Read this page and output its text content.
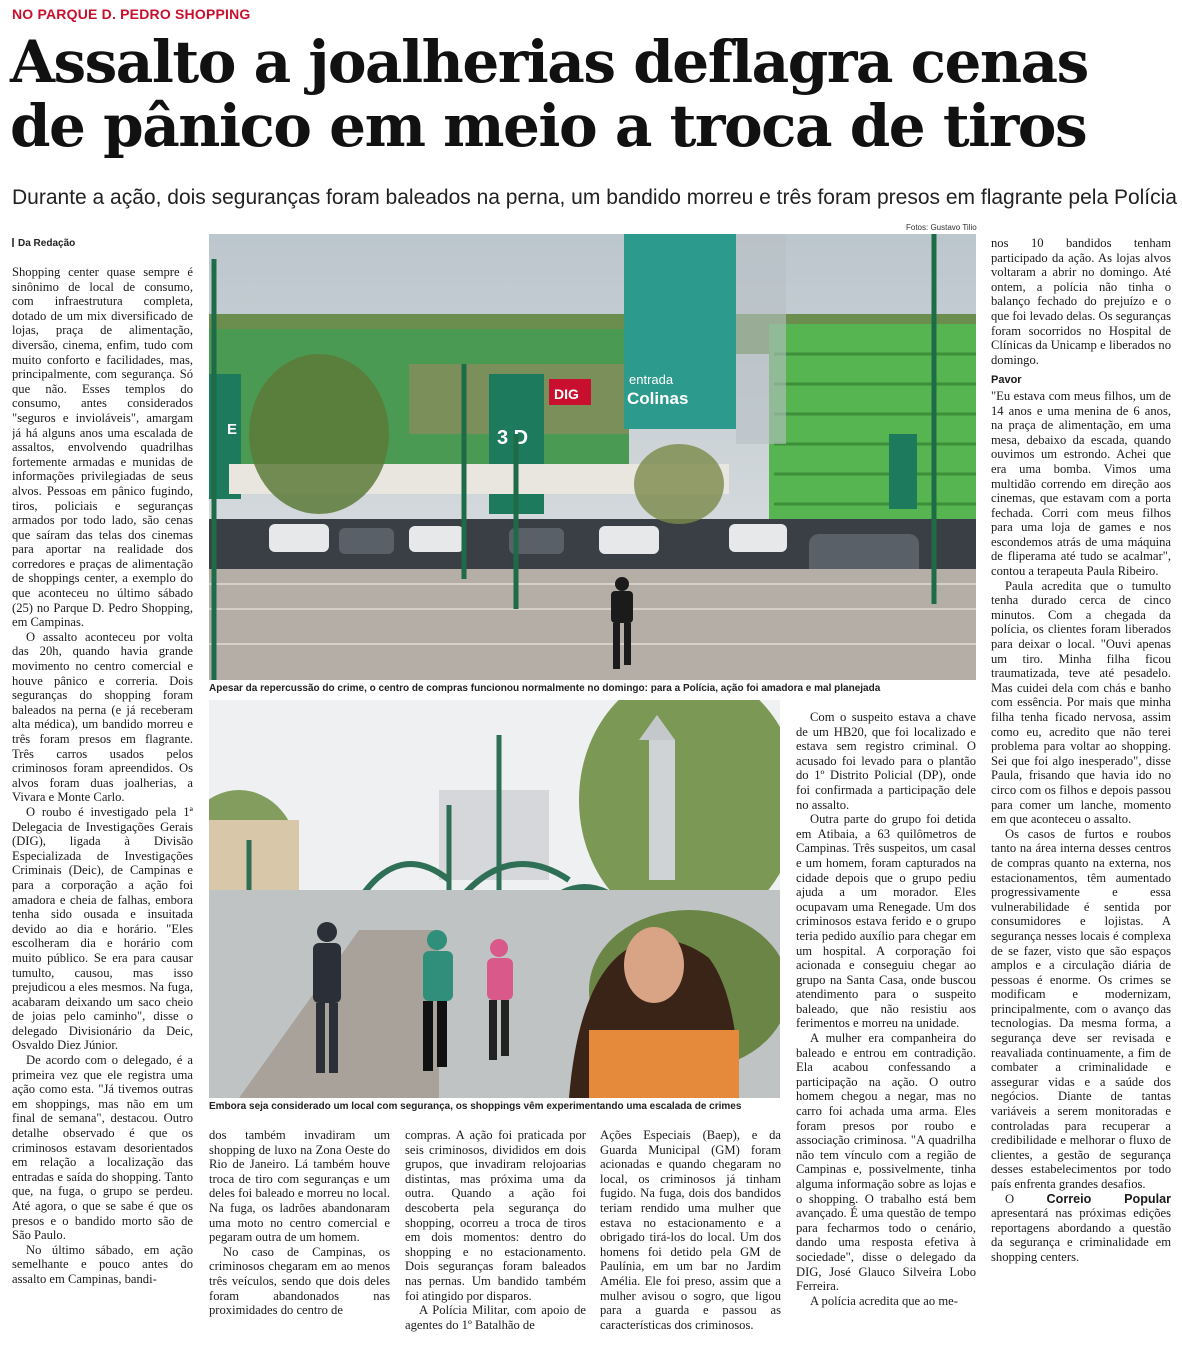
NO PARQUE D. PEDRO SHOPPING
Assalto a joalherias deflagra cenas de pânico em meio a troca de tiros
Durante a ação, dois seguranças foram baleados na perna, um bandido morreu e três foram presos em flagrante pela Polícia
Fotos: Gustavo Tilio
Da Redação

Shopping center quase sempre é sinônimo de local de consumo, com infraestrutura completa, dotado de um mix diversificado de lojas, praça de alimentação, diversão, cinema, enfim, tudo com muito conforto e facilidades, mas, principalmente, com segurança. Só que não. Esses templos do consumo, antes considerados "seguros e invioláveis", amargam já há alguns anos uma escalada de assaltos, envolvendo quadrilhas fortemente armadas e munidas de informações privilegiadas de seus alvos. Pessoas em pânico fugindo, tiros, policiais e seguranças armados por todo lado, são cenas que saíram das telas dos cinemas para aportar na realidade dos corredores e praças de alimentação de shoppings center, a exemplo do que aconteceu no último sábado (25) no Parque D. Pedro Shopping, em Campinas.

O assalto aconteceu por volta das 20h, quando havia grande movimento no centro comercial e houve pânico e correria. Dois seguranças do shopping foram baleados na perna (e já receberam alta médica), um bandido morreu e três foram presos em flagrante. Três carros usados pelos criminosos foram apreendidos. Os alvos foram duas joalherias, a Vivara e Monte Carlo.

O roubo é investigado pela 1ª Delegacia de Investigações Gerais (DIG), ligada à Divisão Especializada de Investigações Criminais (Deic), de Campinas e para a corporação a ação foi amadora e cheia de falhas, embora tenha sido ousada e insuitada devido ao dia e horário. "Eles escolheram dia e horário com muito público. Se era para causar tumulto, causou, mas isso prejudicou a eles mesmos. Na fuga, acabaram deixando um saco cheio de joias pelo caminho", disse o delegado Divisionário da Deic, Osvaldo Diez Júnior.

De acordo com o delegado, é a primeira vez que ele registra uma ação como esta. "Já tivemos outras em shoppings, mas não em um final de semana", destacou. Outro detalhe observado é que os criminosos estavam desorientados em relação a localização das entradas e saída do shopping. Tanto que, na fuga, o grupo se perdeu. Até agora, o que se sabe é que os presos e o bandido morto são de São Paulo.

No último sábado, em ação semelhante e pouco antes do assalto em Campinas, bandi-

entrada
Colinas
DIG
3 D
E
Apesar da repercussão do crime, o centro de compras funcionou normalmente no domingo: para a Polícia, ação foi amadora e mal planejada
Embora seja considerado um local com segurança, os shoppings vêm experimentando uma escalada de crimes

dos também invadiram um shopping de luxo na Zona Oeste do Rio de Janeiro. Lá também houve troca de tiro com seguranças e um deles foi baleado e morreu no local. Na fuga, os ladrões abandonaram uma moto no centro comercial e pegaram outra de um homem.

No caso de Campinas, os criminosos chegaram em ao menos três veículos, sendo que dois deles foram abandonados nas proximidades do centro de

compras. A ação foi praticada por seis criminosos, divididos em dois grupos, que invadiram relojoarias distintas, mas próxima uma da outra. Quando a ação foi descoberta pela segurança do shopping, ocorreu a troca de tiros em dois momentos: dentro do shopping e no estacionamento. Dois seguranças foram baleados nas pernas. Um bandido também foi atingido por disparos.

A Polícia Militar, com apoio de agentes do 1º Batalhão de

Ações Especiais (Baep), e da Guarda Municipal (GM) foram acionadas e quando chegaram no local, os criminosos já tinham fugido. Na fuga, dois dos bandidos teriam rendido uma mulher que estava no estacionamento e a obrigado tirá-los do local. Um dos homens foi detido pela GM de Paulínia, em um bar no Jardim Amélia. Ele foi preso, assim que a mulher avisou o sogro, que ligou para a guarda e passou as características dos criminosos.

Com o suspeito estava a chave de um HB20, que foi localizado e estava sem registro criminal. O acusado foi levado para o plantão do 1º Distrito Policial (DP), onde foi confirmada a participação dele no assalto.

Outra parte do grupo foi detida em Atibaia, a 63 quilômetros de Campinas. Três suspeitos, um casal e um homem, foram capturados na cidade depois que o grupo pediu ajuda a um morador. Eles ocupavam uma Renegade. Um dos criminosos estava ferido e o grupo teria pedido auxílio para chegar em um hospital. A corporação foi acionada e conseguiu chegar ao grupo na Santa Casa, onde buscou atendimento para o suspeito baleado, que não resistiu aos ferimentos e morreu na unidade.

A mulher era companheira do baleado e entrou em contradição. Ela acabou confessando a participação na ação. O outro homem chegou a negar, mas no carro foi achada uma arma. Eles foram presos por roubo e associação criminosa. "A quadrilha não tem vínculo com a região de Campinas e, possivelmente, tinha alguma informação sobre as lojas e o shopping. O trabalho está bem avançado. É uma questão de tempo para fecharmos todo o cenário, dando uma resposta efetiva à sociedade", disse o delegado da DIG, José Glauco Silveira Lobo Ferreira.

A polícia acredita que ao me-

nos 10 bandidos tenham participado da ação. As lojas alvos voltaram a abrir no domingo. Até ontem, a polícia não tinha o balanço fechado do prejuízo e o que foi levado delas. Os seguranças foram socorridos no Hospital de Clínicas da Unicamp e liberados no domingo.

Pavor

"Eu estava com meus filhos, um de 14 anos e uma menina de 6 anos, na praça de alimentação, em uma mesa, debaixo da escada, quando ouvimos um estrondo. Achei que era uma bomba. Vimos uma multidão correndo em direção aos cinemas, que estavam com a porta fechada. Corri com meus filhos para uma loja de games e nos escondemos atrás de uma máquina de fliperama até tudo se acalmar", contou a terapeuta Paula Ribeiro.

Paula acredita que o tumulto tenha durado cerca de cinco minutos. Com a chegada da polícia, os clientes foram liberados para deixar o local. "Ouvi apenas um tiro. Minha filha ficou traumatizada, teve até pesadelo. Mas cuidei dela com chás e banho com essência. Por mais que minha filha tenha ficado nervosa, assim como eu, acredito que não terei problema para voltar ao shopping. Sei que foi algo inesperado", disse Paula, frisando que havia ido no circo com os filhos e depois passou para comer um lanche, momento em que aconteceu o assalto.

Os casos de furtos e roubos tanto na área interna desses centros de compras quanto na externa, nos estacionamentos, têm aumentado progressivamente e essa vulnerabilidade é sentida por consumidores e lojistas. A segurança nesses locais é complexa de se fazer, visto que são espaços amplos e a circulação diária de pessoas é enorme. Os crimes se modificam e modernizam, principalmente, com o avanço das tecnologias. Da mesma forma, a segurança deve ser revisada e reavaliada continuamente, a fim de combater a criminalidade e assegurar vidas e a saúde dos negócios. Diante de tantas variáveis a serem monitoradas e controladas para recuperar a credibilidade e melhorar o fluxo de clientes, a gestão de segurança desses estabelecimentos por todo país enfrenta grandes desafios.

O Correio Popular apresentará nas próximas edições reportagens abordando a questão da segurança e criminalidade em shopping centers.
